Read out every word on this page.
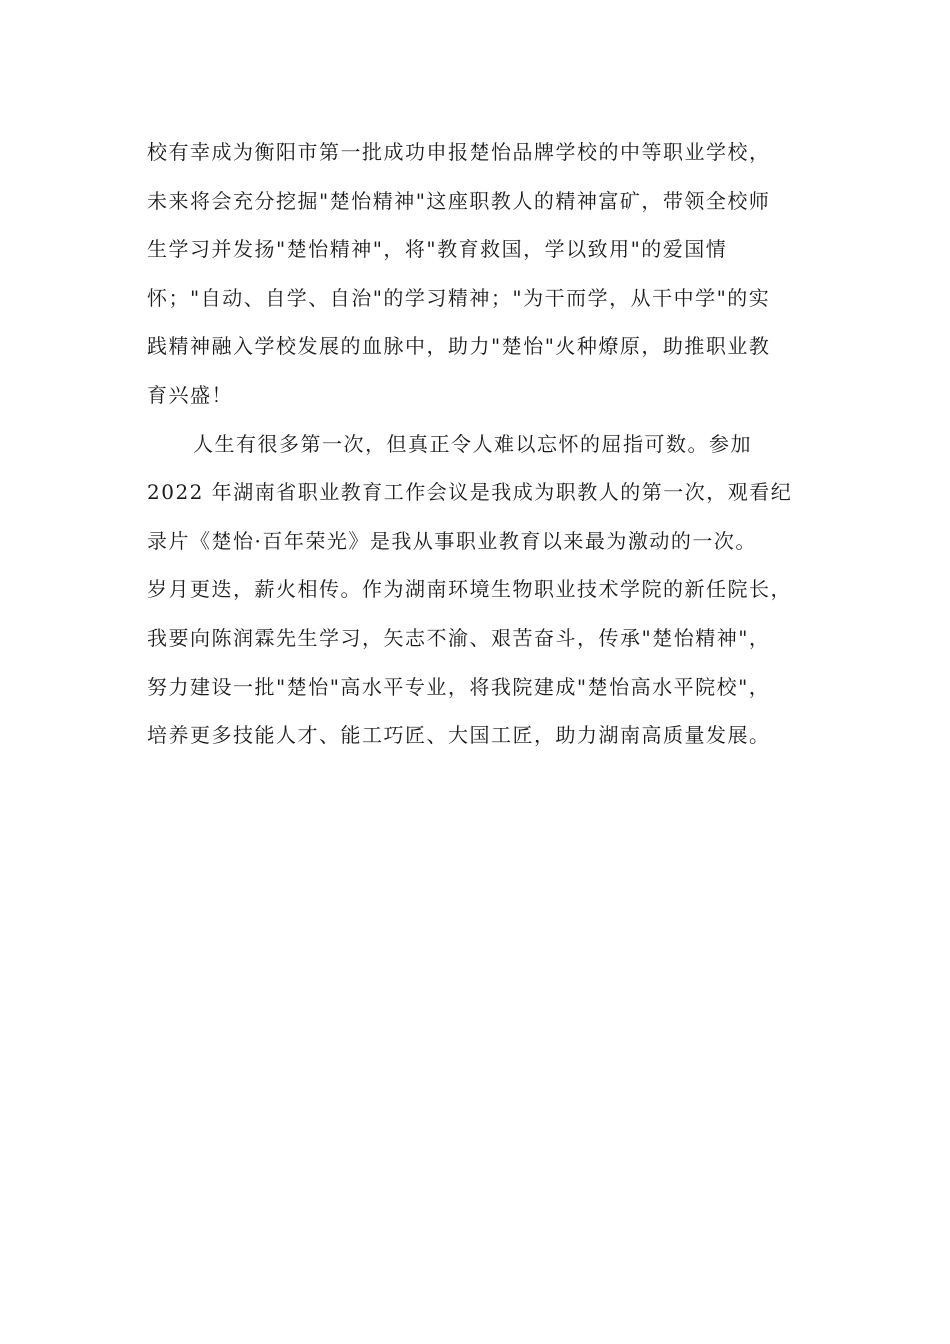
校有幸成为衡阳市第一批成功申报楚怡品牌学校的中等职业学校，
未来将会充分挖掘"楚怡精神"这座职教人的精神富矿，带领全校师
生学习并发扬"楚怡精神"，将"教育救国，学以致用"的爱国情
怀；"自动、自学、自治"的学习精神；"为干而学，从干中学"的实
践精神融入学校发展的血脉中，助力"楚怡"火种燎原，助推职业教
育兴盛！
人生有很多第一次，但真正令人难以忘怀的屈指可数。参加
2022 年湖南省职业教育工作会议是我成为职教人的第一次，观看纪
录片《楚怡·百年荣光》是我从事职业教育以来最为激动的一次。
岁月更迭，薪火相传。作为湖南环境生物职业技术学院的新任院长，
我要向陈润霖先生学习，矢志不渝、艰苦奋斗，传承"楚怡精神"，
努力建设一批"楚怡"高水平专业，将我院建成"楚怡高水平院校"，
培养更多技能人才、能工巧匠、大国工匠，助力湖南高质量发展。
